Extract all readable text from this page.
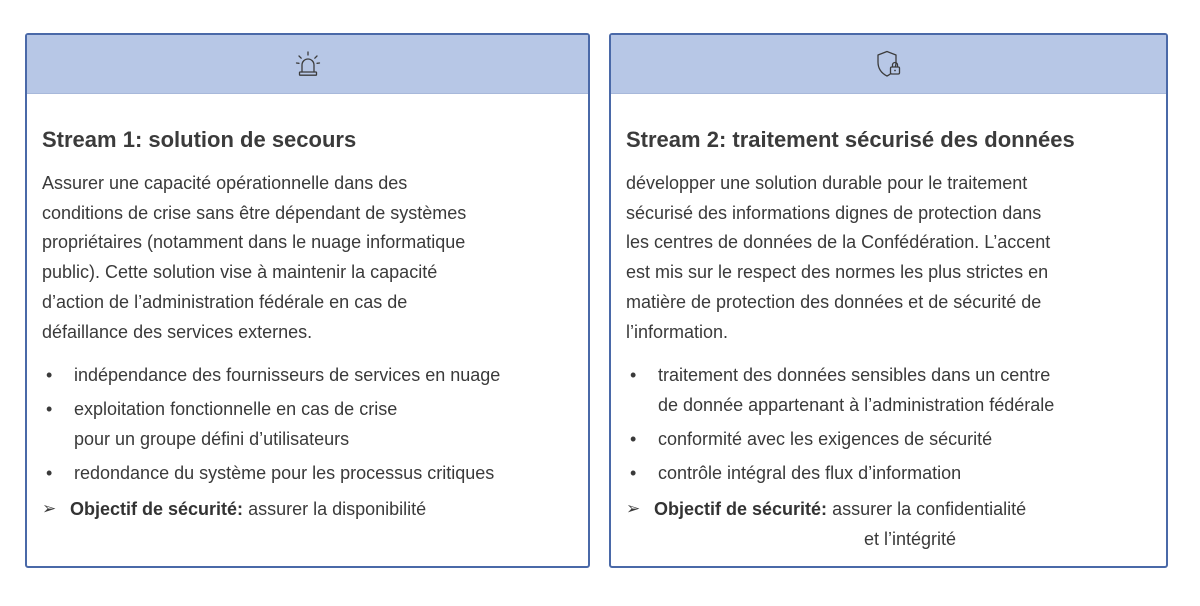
Stream 1: solution de secours
Assurer une capacité opérationnelle dans des
conditions de crise sans être dépendant de systèmes
propriétaires (notamment dans le nuage informatique
public). Cette solution vise à maintenir la capacité
d’action de l’administration fédérale en cas de
défaillance des services externes.
• indépendance des fournisseurs de services en nuage
• exploitation fonctionnelle en cas de crise
pour un groupe défini d’utilisateurs
• redondance du système pour les processus critiques
➢ Objectif de sécurité: assurer la disponibilité
Stream 2: traitement sécurisé des données
développer une solution durable pour le traitement
sécurisé des informations dignes de protection dans
les centres de données de la Confédération. L’accent
est mis sur le respect des normes les plus strictes en
matière de protection des données et de sécurité de
l’information.
• traitement des données sensibles dans un centre
de donnée appartenant à l’administration fédérale
• conformité avec les exigences de sécurité
• contrôle intégral des flux d’information
➢ Objectif de sécurité: assurer la confidentialité
et l’intégrité
